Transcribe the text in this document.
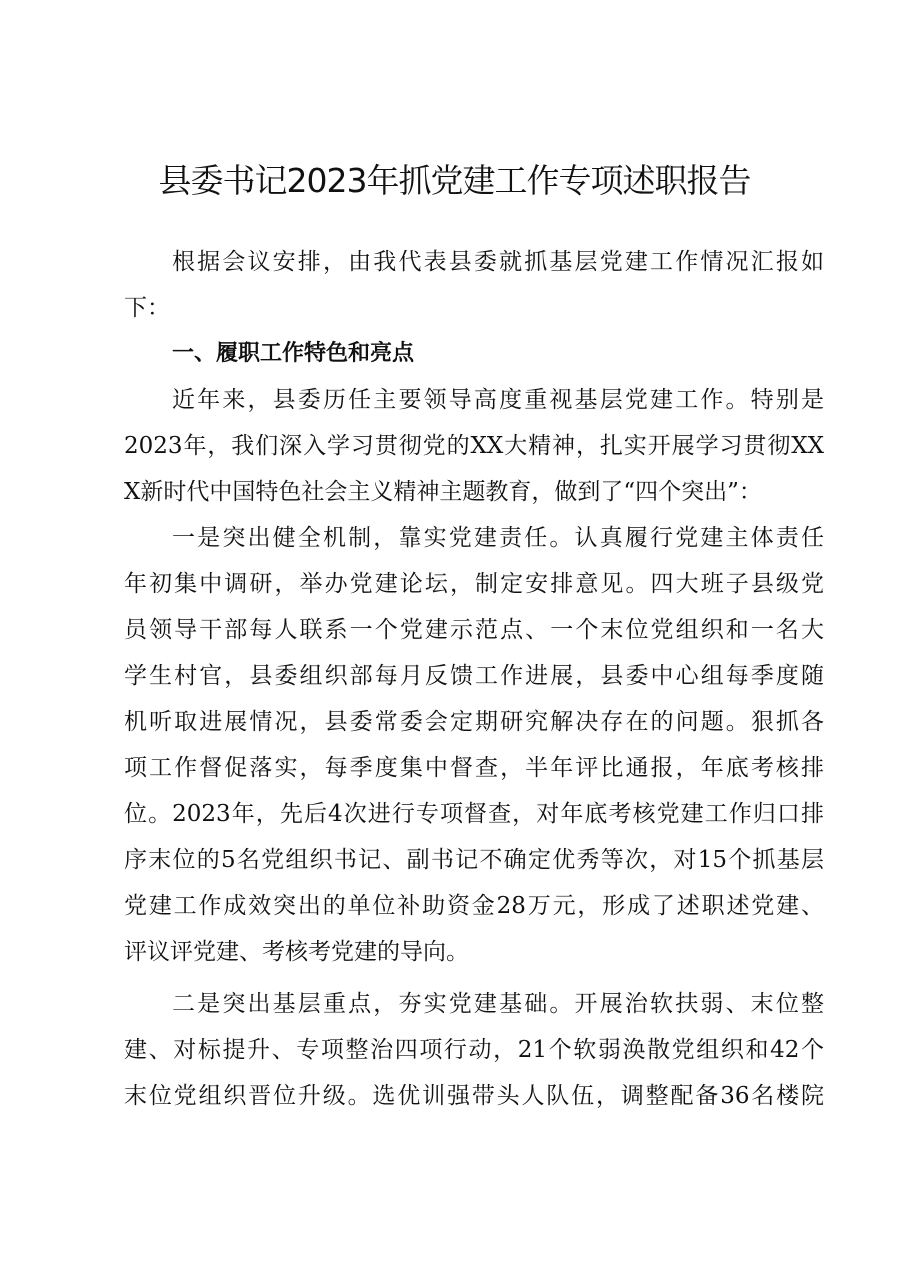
县委书记2023年抓党建工作专项述职报告
根据会议安排，由我代表县委就抓基层党建工作情况汇报如
下：
一、履职工作特色和亮点
近年来，县委历任主要领导高度重视基层党建工作。特别是
2023年，我们深入学习贯彻党的XX大精神，扎实开展学习贯彻XX
X新时代中国特色社会主义精神主题教育，做到了“四个突出”：
一是突出健全机制，靠实党建责任。认真履行党建主体责任
年初集中调研，举办党建论坛，制定安排意见。四大班子县级党
员领导干部每人联系一个党建示范点、一个末位党组织和一名大
学生村官，县委组织部每月反馈工作进展，县委中心组每季度随
机听取进展情况，县委常委会定期研究解决存在的问题。狠抓各
项工作督促落实，每季度集中督查，半年评比通报，年底考核排
位。2023年，先后4次进行专项督查，对年底考核党建工作归口排
序末位的5名党组织书记、副书记不确定优秀等次，对15个抓基层
党建工作成效突出的单位补助资金28万元，形成了述职述党建、
评议评党建、考核考党建的导向。
二是突出基层重点，夯实党建基础。开展治软扶弱、末位整
建、对标提升、专项整治四项行动，21个软弱涣散党组织和42个
末位党组织晋位升级。选优训强带头人队伍，调整配备36名楼院
